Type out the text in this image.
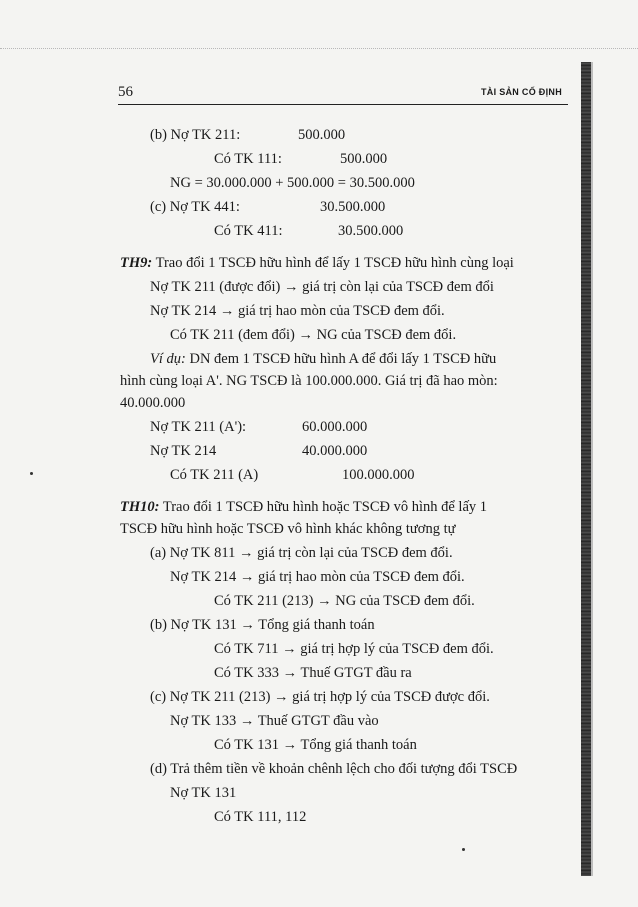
56	TÀI SẢN CỐ ĐỊNH
(b) Nợ TK 211:	500.000
Có TK 111:	500.000
NG = 30.000.000 + 500.000 = 30.500.000
(c) Nợ TK 441:	30.500.000
Có TK 411:	30.500.000
TH9: Trao đổi 1 TSCĐ hữu hình để lấy 1 TSCĐ hữu hình cùng loại
Nợ TK 211 (được đổi) → giá trị còn lại của TSCĐ đem đổi
Nợ TK 214 → giá trị hao mòn của TSCĐ đem đổi.
Có TK 211 (đem đổi) → NG của TSCĐ đem đổi.
Ví dụ: DN đem 1 TSCĐ hữu hình A để đổi lấy 1 TSCĐ hữu
hình cùng loại A'. NG TSCĐ là 100.000.000. Giá trị đã hao mòn:
40.000.000
Nợ TK 211 (A'):	60.000.000
Nợ TK 214	40.000.000
Có TK 211 (A)	100.000.000
TH10: Trao đổi 1 TSCĐ hữu hình hoặc TSCĐ vô hình để lấy 1
TSCĐ hữu hình hoặc TSCĐ vô hình khác không tương tự
(a) Nợ TK 811 → giá trị còn lại của TSCĐ đem đổi.
Nợ TK 214 → giá trị hao mòn của TSCĐ đem đổi.
Có TK 211 (213) → NG của TSCĐ đem đổi.
(b) Nợ TK 131 → Tổng giá thanh toán
Có TK 711 → giá trị hợp lý của TSCĐ đem đổi.
Có TK 333 → Thuế GTGT đầu ra
(c) Nợ TK 211 (213) → giá trị hợp lý của TSCĐ được đổi.
Nợ TK 133 → Thuế GTGT đầu vào
Có TK 131 → Tổng giá thanh toán
(d) Trả thêm tiền về khoản chênh lệch cho đối tượng đổi TSCĐ
Nợ TK 131
Có TK 111, 112
